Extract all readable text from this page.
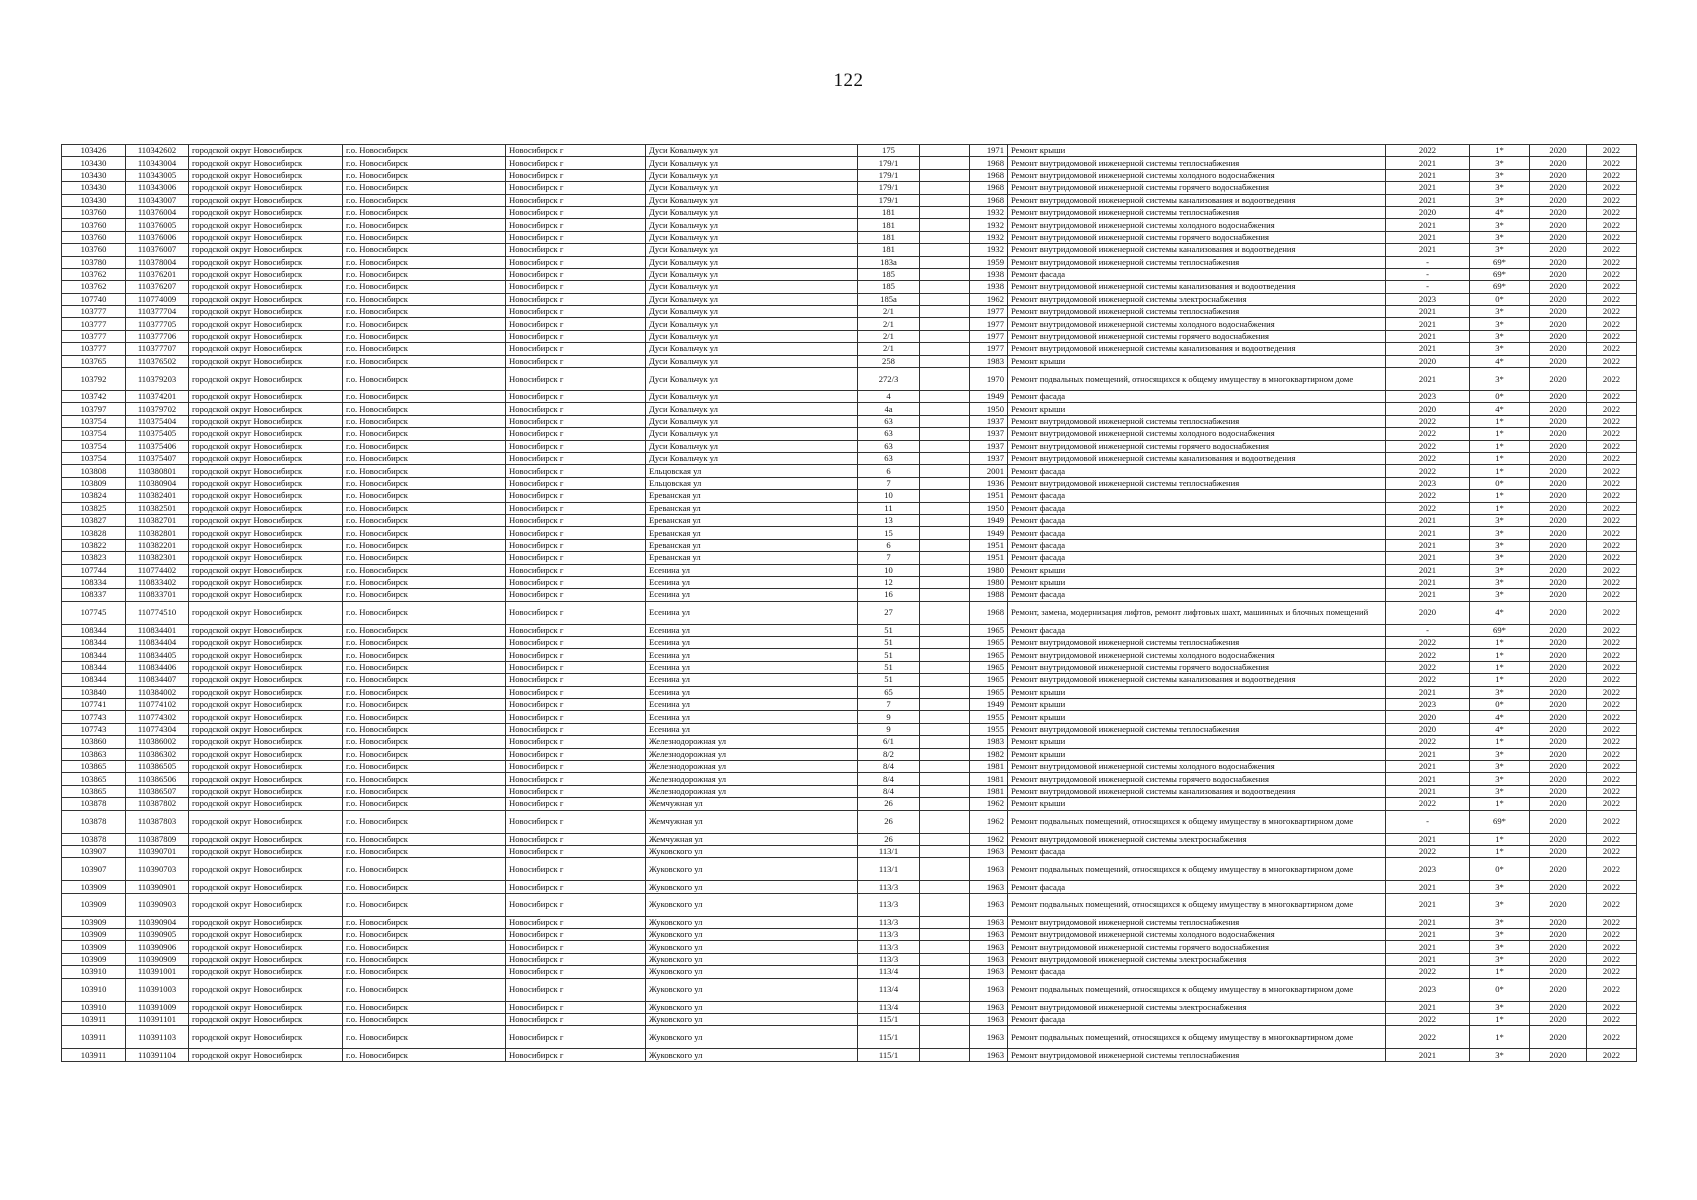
122
103426	110342602	городской округ Новосибирск	г.о. Новосибирск	Новосибирск г	Дуси Ковальчук ул	175		1971	Ремонт крыши	2022	1*	2020	2022
103430	110343004	городской округ Новосибирск	г.о. Новосибирск	Новосибирск г	Дуси Ковальчук ул	179/1		1968	Ремонт внутридомовой инженерной системы теплоснабжения	2021	3*	2020	2022
103430	110343005	городской округ Новосибирск	г.о. Новосибирск	Новосибирск г	Дуси Ковальчук ул	179/1		1968	Ремонт внутридомовой инженерной системы холодного водоснабжения	2021	3*	2020	2022
103430	110343006	городской округ Новосибирск	г.о. Новосибирск	Новосибирск г	Дуси Ковальчук ул	179/1		1968	Ремонт внутридомовой инженерной системы горячего водоснабжения	2021	3*	2020	2022
103430	110343007	городской округ Новосибирск	г.о. Новосибирск	Новосибирск г	Дуси Ковальчук ул	179/1		1968	Ремонт внутридомовой инженерной системы канализования и водоотведения	2021	3*	2020	2022
103760	110376004	городской округ Новосибирск	г.о. Новосибирск	Новосибирск г	Дуси Ковальчук ул	181		1932	Ремонт внутридомовой инженерной системы теплоснабжения	2020	4*	2020	2022
103760	110376005	городской округ Новосибирск	г.о. Новосибирск	Новосибирск г	Дуси Ковальчук ул	181		1932	Ремонт внутридомовой инженерной системы холодного водоснабжения	2021	3*	2020	2022
103760	110376006	городской округ Новосибирск	г.о. Новосибирск	Новосибирск г	Дуси Ковальчук ул	181		1932	Ремонт внутридомовой инженерной системы горячего водоснабжения	2021	3*	2020	2022
103760	110376007	городской округ Новосибирск	г.о. Новосибирск	Новосибирск г	Дуси Ковальчук ул	181		1932	Ремонт внутридомовой инженерной системы канализования и водоотведения	2021	3*	2020	2022
103780	110378004	городской округ Новосибирск	г.о. Новосибирск	Новосибирск г	Дуси Ковальчук ул	183а		1959	Ремонт внутридомовой инженерной системы теплоснабжения	-	69*	2020	2022
103762	110376201	городской округ Новосибирск	г.о. Новосибирск	Новосибирск г	Дуси Ковальчук ул	185		1938	Ремонт фасада	-	69*	2020	2022
103762	110376207	городской округ Новосибирск	г.о. Новосибирск	Новосибирск г	Дуси Ковальчук ул	185		1938	Ремонт внутридомовой инженерной системы канализования и водоотведения	-	69*	2020	2022
107740	110774009	городской округ Новосибирск	г.о. Новосибирск	Новосибирск г	Дуси Ковальчук ул	185а		1962	Ремонт внутридомовой инженерной системы электроснабжения	2023	0*	2020	2022
103777	110377704	городской округ Новосибирск	г.о. Новосибирск	Новосибирск г	Дуси Ковальчук ул	2/1		1977	Ремонт внутридомовой инженерной системы теплоснабжения	2021	3*	2020	2022
103777	110377705	городской округ Новосибирск	г.о. Новосибирск	Новосибирск г	Дуси Ковальчук ул	2/1		1977	Ремонт внутридомовой инженерной системы холодного водоснабжения	2021	3*	2020	2022
103777	110377706	городской округ Новосибирск	г.о. Новосибирск	Новосибирск г	Дуси Ковальчук ул	2/1		1977	Ремонт внутридомовой инженерной системы горячего водоснабжения	2021	3*	2020	2022
103777	110377707	городской округ Новосибирск	г.о. Новосибирск	Новосибирск г	Дуси Ковальчук ул	2/1		1977	Ремонт внутридомовой инженерной системы канализования и водоотведения	2021	3*	2020	2022
103765	110376502	городской округ Новосибирск	г.о. Новосибирск	Новосибирск г	Дуси Ковальчук ул	258		1983	Ремонт крыши	2020	4*	2020	2022
103792	110379203	городской округ Новосибирск	г.о. Новосибирск	Новосибирск г	Дуси Ковальчук ул	272/3		1970	Ремонт подвальных помещений, относящихся к общему имуществу в многоквартирном доме	2021	3*	2020	2022
103742	110374201	городской округ Новосибирск	г.о. Новосибирск	Новосибирск г	Дуси Ковальчук ул	4		1949	Ремонт фасада	2023	0*	2020	2022
103797	110379702	городской округ Новосибирск	г.о. Новосибирск	Новосибирск г	Дуси Ковальчук ул	4а		1950	Ремонт крыши	2020	4*	2020	2022
103754	110375404	городской округ Новосибирск	г.о. Новосибирск	Новосибирск г	Дуси Ковальчук ул	63		1937	Ремонт внутридомовой инженерной системы теплоснабжения	2022	1*	2020	2022
103754	110375405	городской округ Новосибирск	г.о. Новосибирск	Новосибирск г	Дуси Ковальчук ул	63		1937	Ремонт внутридомовой инженерной системы холодного водоснабжения	2022	1*	2020	2022
103754	110375406	городской округ Новосибирск	г.о. Новосибирск	Новосибирск г	Дуси Ковальчук ул	63		1937	Ремонт внутридомовой инженерной системы горячего водоснабжения	2022	1*	2020	2022
103754	110375407	городской округ Новосибирск	г.о. Новосибирск	Новосибирск г	Дуси Ковальчук ул	63		1937	Ремонт внутридомовой инженерной системы канализования и водоотведения	2022	1*	2020	2022
103808	110380801	городской округ Новосибирск	г.о. Новосибирск	Новосибирск г	Ельцовская ул	6		2001	Ремонт фасада	2022	1*	2020	2022
103809	110380904	городской округ Новосибирск	г.о. Новосибирск	Новосибирск г	Ельцовская ул	7		1936	Ремонт внутридомовой инженерной системы теплоснабжения	2023	0*	2020	2022
103824	110382401	городской округ Новосибирск	г.о. Новосибирск	Новосибирск г	Ереванская ул	10		1951	Ремонт фасада	2022	1*	2020	2022
103825	110382501	городской округ Новосибирск	г.о. Новосибирск	Новосибирск г	Ереванская ул	11		1950	Ремонт фасада	2022	1*	2020	2022
103827	110382701	городской округ Новосибирск	г.о. Новосибирск	Новосибирск г	Ереванская ул	13		1949	Ремонт фасада	2021	3*	2020	2022
103828	110382801	городской округ Новосибирск	г.о. Новосибирск	Новосибирск г	Ереванская ул	15		1949	Ремонт фасада	2021	3*	2020	2022
103822	110382201	городской округ Новосибирск	г.о. Новосибирск	Новосибирск г	Ереванская ул	6		1951	Ремонт фасада	2021	3*	2020	2022
103823	110382301	городской округ Новосибирск	г.о. Новосибирск	Новосибирск г	Ереванская ул	7		1951	Ремонт фасада	2021	3*	2020	2022
107744	110774402	городской округ Новосибирск	г.о. Новосибирск	Новосибирск г	Есенина ул	10		1980	Ремонт крыши	2021	3*	2020	2022
108334	110833402	городской округ Новосибирск	г.о. Новосибирск	Новосибирск г	Есенина ул	12		1980	Ремонт крыши	2021	3*	2020	2022
108337	110833701	городской округ Новосибирск	г.о. Новосибирск	Новосибирск г	Есенина ул	16		1988	Ремонт фасада	2021	3*	2020	2022
107745	110774510	городской округ Новосибирск	г.о. Новосибирск	Новосибирск г	Есенина ул	27		1968	Ремонт, замена, модернизация лифтов, ремонт лифтовых шахт, машинных и блочных помещений	2020	4*	2020	2022
108344	110834401	городской округ Новосибирск	г.о. Новосибирск	Новосибирск г	Есенина ул	51		1965	Ремонт фасада	-	69*	2020	2022
108344	110834404	городской округ Новосибирск	г.о. Новосибирск	Новосибирск г	Есенина ул	51		1965	Ремонт внутридомовой инженерной системы теплоснабжения	2022	1*	2020	2022
108344	110834405	городской округ Новосибирск	г.о. Новосибирск	Новосибирск г	Есенина ул	51		1965	Ремонт внутридомовой инженерной системы холодного водоснабжения	2022	1*	2020	2022
108344	110834406	городской округ Новосибирск	г.о. Новосибирск	Новосибирск г	Есенина ул	51		1965	Ремонт внутридомовой инженерной системы горячего водоснабжения	2022	1*	2020	2022
108344	110834407	городской округ Новосибирск	г.о. Новосибирск	Новосибирск г	Есенина ул	51		1965	Ремонт внутридомовой инженерной системы канализования и водоотведения	2022	1*	2020	2022
103840	110384002	городской округ Новосибирск	г.о. Новосибирск	Новосибирск г	Есенина ул	65		1965	Ремонт крыши	2021	3*	2020	2022
107741	110774102	городской округ Новосибирск	г.о. Новосибирск	Новосибирск г	Есенина ул	7		1949	Ремонт крыши	2023	0*	2020	2022
107743	110774302	городской округ Новосибирск	г.о. Новосибирск	Новосибирск г	Есенина ул	9		1955	Ремонт крыши	2020	4*	2020	2022
107743	110774304	городской округ Новосибирск	г.о. Новосибирск	Новосибирск г	Есенина ул	9		1955	Ремонт внутридомовой инженерной системы теплоснабжения	2020	4*	2020	2022
103860	110386002	городской округ Новосибирск	г.о. Новосибирск	Новосибирск г	Железнодорожная ул	6/1		1983	Ремонт крыши	2022	1*	2020	2022
103863	110386302	городской округ Новосибирск	г.о. Новосибирск	Новосибирск г	Железнодорожная ул	8/2		1982	Ремонт крыши	2021	3*	2020	2022
103865	110386505	городской округ Новосибирск	г.о. Новосибирск	Новосибирск г	Железнодорожная ул	8/4		1981	Ремонт внутридомовой инженерной системы холодного водоснабжения	2021	3*	2020	2022
103865	110386506	городской округ Новосибирск	г.о. Новосибирск	Новосибирск г	Железнодорожная ул	8/4		1981	Ремонт внутридомовой инженерной системы горячего водоснабжения	2021	3*	2020	2022
103865	110386507	городской округ Новосибирск	г.о. Новосибирск	Новосибирск г	Железнодорожная ул	8/4		1981	Ремонт внутридомовой инженерной системы канализования и водоотведения	2021	3*	2020	2022
103878	110387802	городской округ Новосибирск	г.о. Новосибирск	Новосибирск г	Жемчужная ул	26		1962	Ремонт крыши	2022	1*	2020	2022
103878	110387803	городской округ Новосибирск	г.о. Новосибирск	Новосибирск г	Жемчужная ул	26		1962	Ремонт подвальных помещений, относящихся к общему имуществу в многоквартирном доме	-	69*	2020	2022
103878	110387809	городской округ Новосибирск	г.о. Новосибирск	Новосибирск г	Жемчужная ул	26		1962	Ремонт внутридомовой инженерной системы электроснабжения	2021	1*	2020	2022
103907	110390701	городской округ Новосибирск	г.о. Новосибирск	Новосибирск г	Жуковского ул	113/1		1963	Ремонт фасада	2022	1*	2020	2022
103907	110390703	городской округ Новосибирск	г.о. Новосибирск	Новосибирск г	Жуковского ул	113/1		1963	Ремонт подвальных помещений, относящихся к общему имуществу в многоквартирном доме	2023	0*	2020	2022
103909	110390901	городской округ Новосибирск	г.о. Новосибирск	Новосибирск г	Жуковского ул	113/3		1963	Ремонт фасада	2021	3*	2020	2022
103909	110390903	городской округ Новосибирск	г.о. Новосибирск	Новосибирск г	Жуковского ул	113/3		1963	Ремонт подвальных помещений, относящихся к общему имуществу в многоквартирном доме	2021	3*	2020	2022
103909	110390904	городской округ Новосибирск	г.о. Новосибирск	Новосибирск г	Жуковского ул	113/3		1963	Ремонт внутридомовой инженерной системы теплоснабжения	2021	3*	2020	2022
103909	110390905	городской округ Новосибирск	г.о. Новосибирск	Новосибирск г	Жуковского ул	113/3		1963	Ремонт внутридомовой инженерной системы холодного водоснабжения	2021	3*	2020	2022
103909	110390906	городской округ Новосибирск	г.о. Новосибирск	Новосибирск г	Жуковского ул	113/3		1963	Ремонт внутридомовой инженерной системы горячего водоснабжения	2021	3*	2020	2022
103909	110390909	городской округ Новосибирск	г.о. Новосибирск	Новосибирск г	Жуковского ул	113/3		1963	Ремонт внутридомовой инженерной системы электроснабжения	2021	3*	2020	2022
103910	110391001	городской округ Новосибирск	г.о. Новосибирск	Новосибирск г	Жуковского ул	113/4		1963	Ремонт фасада	2022	1*	2020	2022
103910	110391003	городской округ Новосибирск	г.о. Новосибирск	Новосибирск г	Жуковского ул	113/4		1963	Ремонт подвальных помещений, относящихся к общему имуществу в многоквартирном доме	2023	0*	2020	2022
103910	110391009	городской округ Новосибирск	г.о. Новосибирск	Новосибирск г	Жуковского ул	113/4		1963	Ремонт внутридомовой инженерной системы электроснабжения	2021	3*	2020	2022
103911	110391101	городской округ Новосибирск	г.о. Новосибирск	Новосибирск г	Жуковского ул	115/1		1963	Ремонт фасада	2022	1*	2020	2022
103911	110391103	городской округ Новосибирск	г.о. Новосибирск	Новосибирск г	Жуковского ул	115/1		1963	Ремонт подвальных помещений, относящихся к общему имуществу в многоквартирном доме	2022	1*	2020	2022
103911	110391104	городской округ Новосибирск	г.о. Новосибирск	Новосибирск г	Жуковского ул	115/1		1963	Ремонт внутридомовой инженерной системы теплоснабжения	2021	3*	2020	2022
